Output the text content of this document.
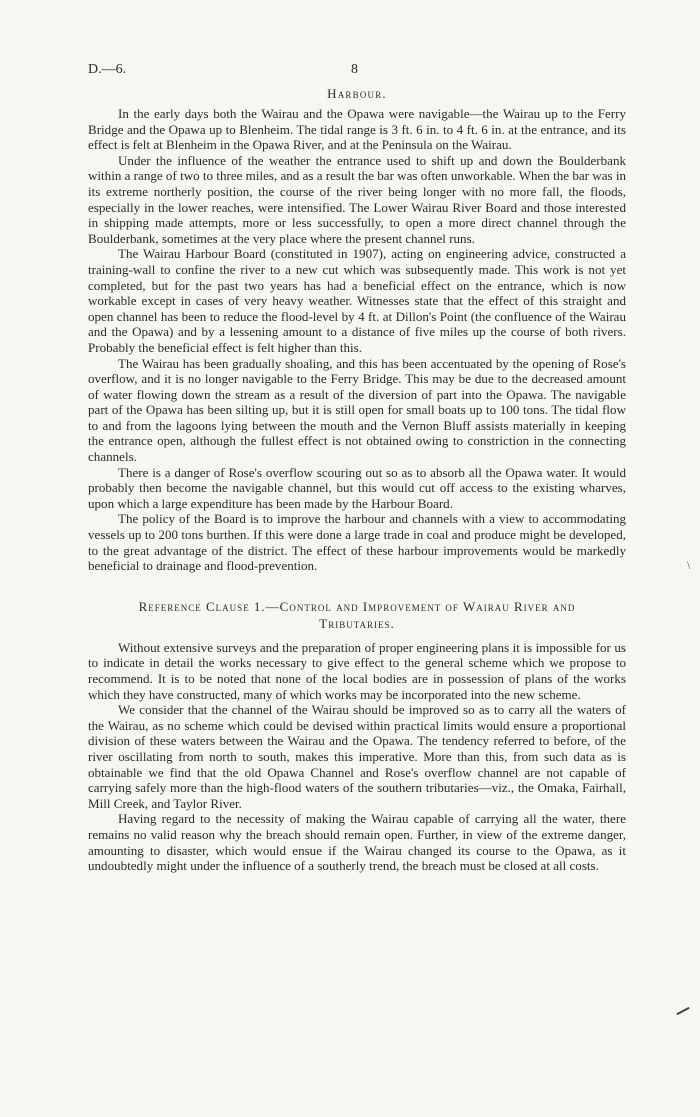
D.—6.	8
Harbour.

In the early days both the Wairau and the Opawa were navigable—the Wairau up to the Ferry Bridge and the Opawa up to Blenheim. The tidal range is 3 ft. 6 in. to 4 ft. 6 in. at the entrance, and its effect is felt at Blenheim in the Opawa River, and at the Peninsula on the Wairau.

Under the influence of the weather the entrance used to shift up and down the Boulderbank within a range of two to three miles, and as a result the bar was often unworkable. When the bar was in its extreme northerly position, the course of the river being longer with no more fall, the floods, especially in the lower reaches, were intensified. The Lower Wairau River Board and those interested in shipping made attempts, more or less successfully, to open a more direct channel through the Boulderbank, sometimes at the very place where the present channel runs.

The Wairau Harbour Board (constituted in 1907), acting on engineering advice, constructed a training-wall to confine the river to a new cut which was subsequently made. This work is not yet completed, but for the past two years has had a beneficial effect on the entrance, which is now workable except in cases of very heavy weather. Witnesses state that the effect of this straight and open channel has been to reduce the flood-level by 4 ft. at Dillon's Point (the confluence of the Wairau and the Opawa) and by a lessening amount to a distance of five miles up the course of both rivers. Probably the beneficial effect is felt higher than this.

The Wairau has been gradually shoaling, and this has been accentuated by the opening of Rose's overflow, and it is no longer navigable to the Ferry Bridge. This may be due to the decreased amount of water flowing down the stream as a result of the diversion of part into the Opawa. The navigable part of the Opawa has been silting up, but it is still open for small boats up to 100 tons. The tidal flow to and from the lagoons lying between the mouth and the Vernon Bluff assists materially in keeping the entrance open, although the fullest effect is not obtained owing to constriction in the connecting channels.

There is a danger of Rose's overflow scouring out so as to absorb all the Opawa water. It would probably then become the navigable channel, but this would cut off access to the existing wharves, upon which a large expenditure has been made by the Harbour Board.

The policy of the Board is to improve the harbour and channels with a view to accommodating vessels up to 200 tons burthen. If this were done a large trade in coal and produce might be developed, to the great advantage of the district. The effect of these harbour improvements would be markedly beneficial to drainage and flood-prevention.

Reference Clause 1.—Control and Improvement of Wairau River and
Tributaries.

Without extensive surveys and the preparation of proper engineering plans it is impossible for us to indicate in detail the works necessary to give effect to the general scheme which we propose to recommend. It is to be noted that none of the local bodies are in possession of plans of the works which they have constructed, many of which works may be incorporated into the new scheme.

We consider that the channel of the Wairau should be improved so as to carry all the waters of the Wairau, as no scheme which could be devised within practical limits would ensure a proportional division of these waters between the Wairau and the Opawa. The tendency referred to before, of the river oscillating from north to south, makes this imperative. More than this, from such data as is obtainable we find that the old Opawa Channel and Rose's overflow channel are not capable of carrying safely more than the high-flood waters of the southern tributaries—viz., the Omaka, Fairhall, Mill Creek, and Taylor River.

Having regard to the necessity of making the Wairau capable of carrying all the water, there remains no valid reason why the breach should remain open. Further, in view of the extreme danger, amounting to disaster, which would ensue if the Wairau changed its course to the Opawa, as it undoubtedly might under the influence of a southerly trend, the breach must be closed at all costs.

\
